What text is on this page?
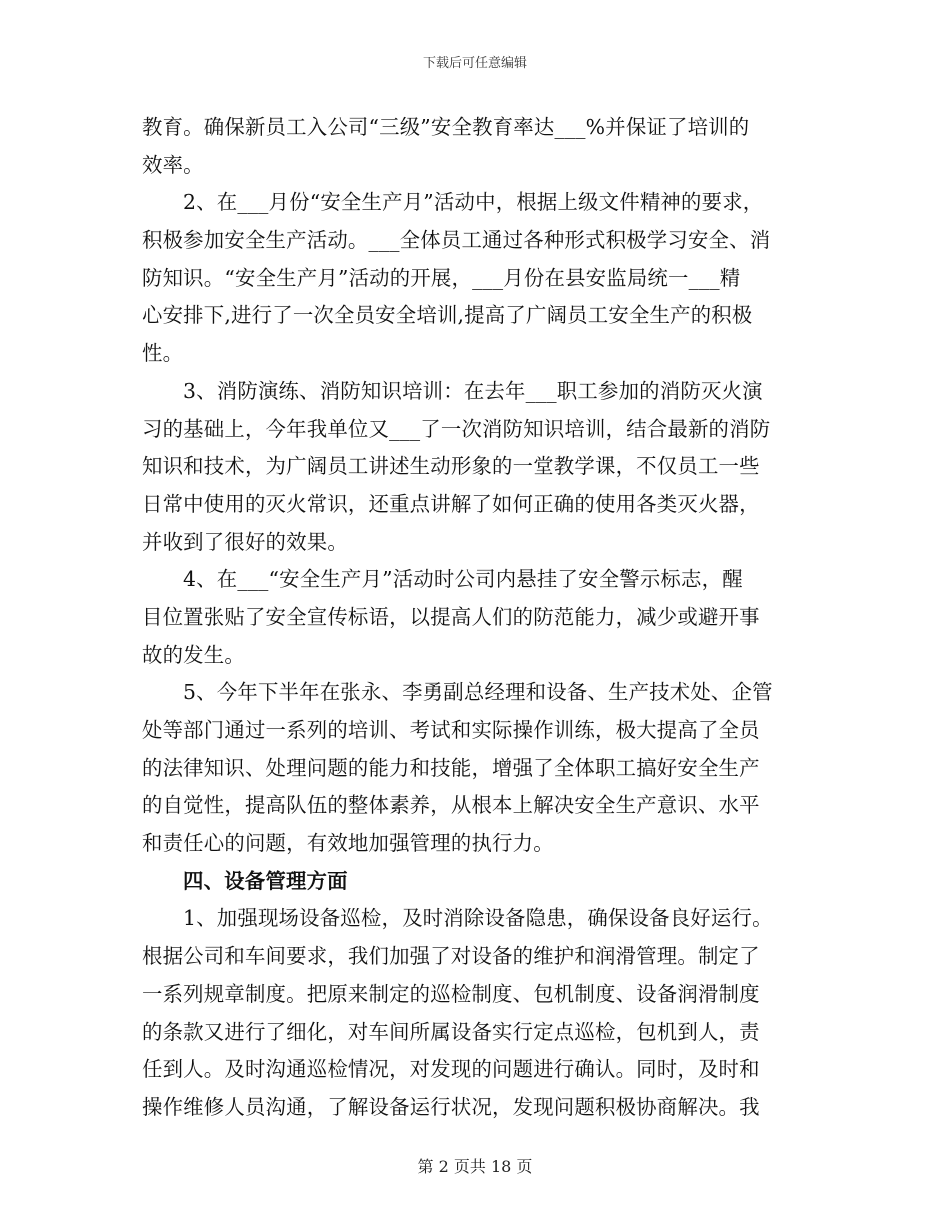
下载后可任意编辑
教育。确保新员工入公司“三级”安全教育率达___%并保证了培训的
效率。
2、在___月份“安全生产月”活动中，根据上级文件精神的要求，
积极参加安全生产活动。___全体员工通过各种形式积极学习安全、消
防知识。“安全生产月”活动的开展，___月份在县安监局统一___精
心安排下,进行了一次全员安全培训,提高了广阔员工安全生产的积极
性。
3、消防演练、消防知识培训：在去年___职工参加的消防灭火演
习的基础上，今年我单位又___了一次消防知识培训，结合最新的消防
知识和技术，为广阔员工讲述生动形象的一堂教学课，不仅员工一些
日常中使用的灭火常识，还重点讲解了如何正确的使用各类灭火器，
并收到了很好的效果。
4、在___“安全生产月”活动时公司内悬挂了安全警示标志，醒
目位置张贴了安全宣传标语，以提高人们的防范能力，减少或避开事
故的发生。
5、今年下半年在张永、李勇副总经理和设备、生产技术处、企管
处等部门通过一系列的培训、考试和实际操作训练，极大提高了全员
的法律知识、处理问题的能力和技能，增强了全体职工搞好安全生产
的自觉性，提高队伍的整体素养，从根本上解决安全生产意识、水平
和责任心的问题，有效地加强管理的执行力。
四、设备管理方面
1、加强现场设备巡检，及时消除设备隐患，确保设备良好运行。
根据公司和车间要求，我们加强了对设备的维护和润滑管理。制定了
一系列规章制度。把原来制定的巡检制度、包机制度、设备润滑制度
的条款又进行了细化，对车间所属设备实行定点巡检，包机到人，责
任到人。及时沟通巡检情况，对发现的问题进行确认。同时，及时和
操作维修人员沟通，了解设备运行状况，发现问题积极协商解决。我
第 2 页共 18 页
